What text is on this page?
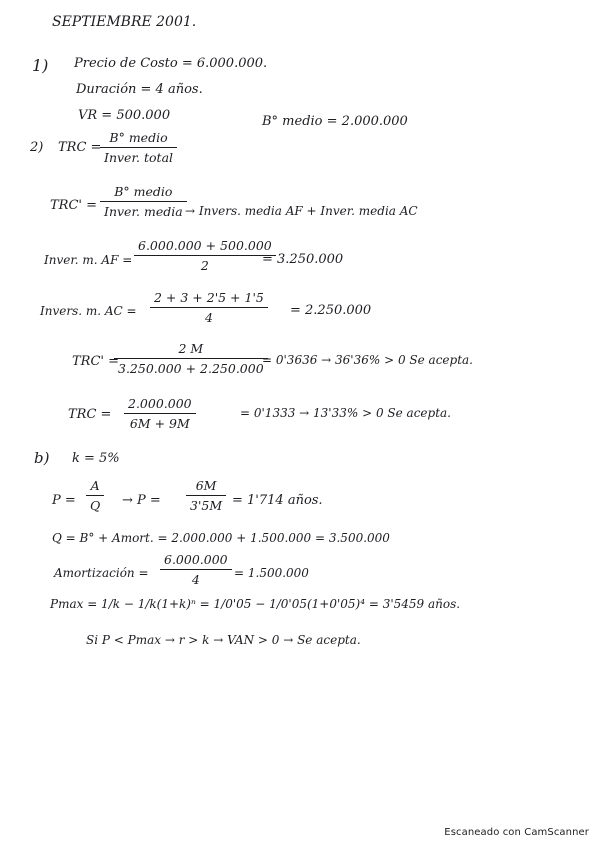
SEPTIEMBRE 2001.
1) Precio de Costo = 6.000.000.
Duración = 4 años.
VR = 500.000	B° medio = 2.000.000
2) TRC =
B° medio
Inver. total
TRC' =
B° medio
Inver. media → Invers. media AF + Inver. media AC
Inver. m. AF = $\frac{6.000.000 + 500.000}{2}$
= 3.250.000
Invers. m. AC = $\frac{2 + 3 + 2'5 + 1'5}{4} = 2.250.000$
TRC' =
$\frac{2 M}{3.250.000 + 2.250.000}$
= 0'3636 → 36'36% > 0 Se acepta.
TRC = $\frac{2.000.000}{6M + 9M}$	= 0'1333 → 13'33% > 0 Se acepta.
b) k = 5%
$P = \frac{A}{Q} \to P = \frac{6M}{3'5M} = 1'714$ años.
Q = B° + Amort. = 2.000.000 + 1.500.000 = 3.500.000
Amortización = $\frac{6.000.000}{4} = 1.500.000$
Pmax = 1/k − 1/k(1+k)ⁿ = 1/0'05 − 1/0'05(1+0'05)⁴ = 3'5459 años.
Si P < Pmax → r > k → VAN > 0 → Se acepta.
Escaneado con CamScanner
